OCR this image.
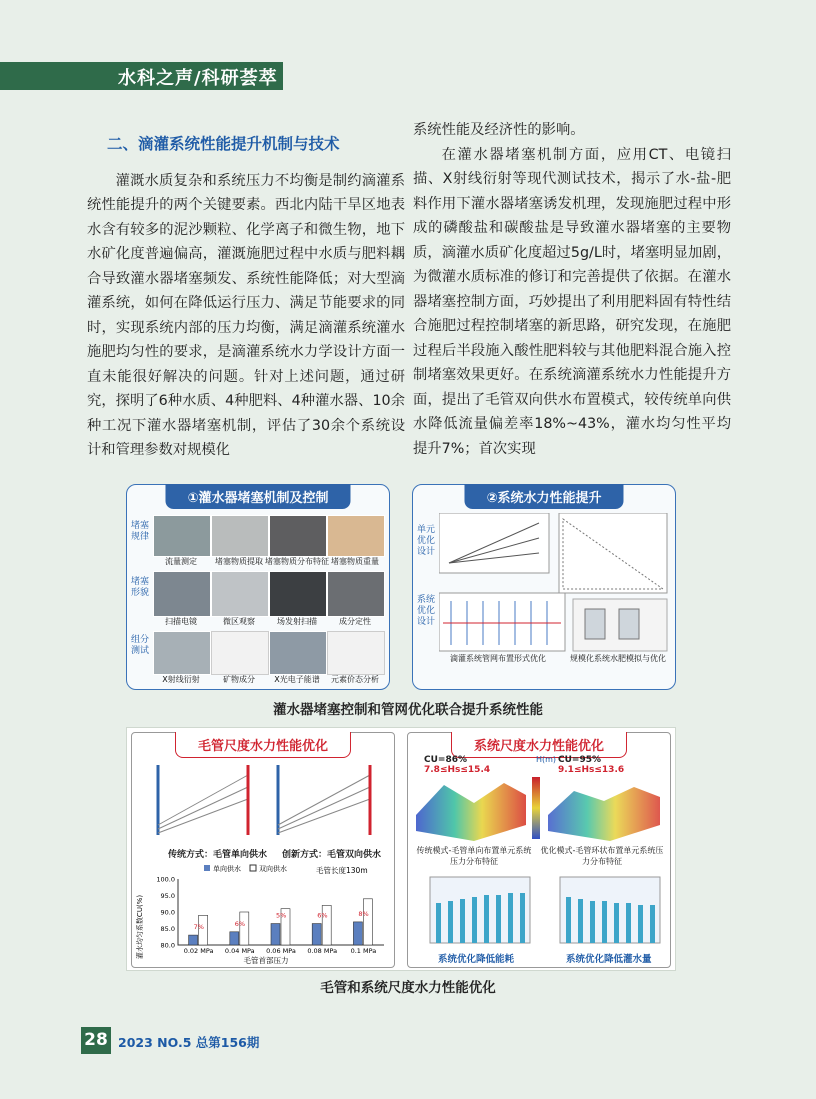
水科之声/科研荟萃
二、滴灌系统性能提升机制与技术

灌溉水质复杂和系统压力不均衡是制约滴灌系统性能提升的两个关键要素。西北内陆干旱区地表水含有较多的泥沙颗粒、化学离子和微生物，地下水矿化度普遍偏高，灌溉施肥过程中水质与肥料耦合导致灌水器堵塞频发、系统性能降低；对大型滴灌系统，如何在降低运行压力、满足节能要求的同时，实现系统内部的压力均衡，满足滴灌系统灌水施肥均匀性的要求，是滴灌系统水力学设计方面一直未能很好解决的问题。针对上述问题，通过研究，探明了6种水质、4种肥料、4种灌水器、10余种工况下灌水器堵塞机制，评估了30余个系统设计和管理参数对规模化

系统性能及经济性的影响。

在灌水器堵塞机制方面，应用CT、电镜扫描、X射线衍射等现代测试技术，揭示了水-盐-肥料作用下灌水器堵塞诱发机理，发现施肥过程中形成的磷酸盐和碳酸盐是导致灌水器堵塞的主要物质，滴灌水质矿化度超过5g/L时，堵塞明显加剧，为微灌水质标准的修订和完善提供了依据。在灌水器堵塞控制方面，巧妙提出了利用肥料固有特性结合施肥过程控制堵塞的新思路，研究发现，在施肥过程后半段施入酸性肥料较与其他肥料混合施入控制堵塞效果更好。在系统滴灌系统水力性能提升方面，提出了毛管双向供水布置模式，较传统单向供水降低流量偏差率18%~43%，灌水均匀性平均提升7%；首次实现

①灌水器堵塞机制及控制
堵塞规律
堵塞形貌
组分测试
流量测定	堵塞物质提取 堵塞物质分布特征 堵塞物质重量
扫描电镜	微区观察	场发射扫描	成分定性
X射线衍射	矿物成分	X光电子能谱	元素价态分析
②系统水力性能提升
单元优化设计
系统优化设计
滴灌系统管网布置形式优化	规模化系统水肥模拟与优化
灌水器堵塞控制和管网优化联合提升系统性能
毛管尺度水力性能优化
传统方式：毛管单向供水 创新方式：毛管双向供水
灌水均匀系数CU(%)
毛管长度130m
毛管首部压力
单向供水	双向供水
80.0
85.0
90.0
95.0
100.0
7%
0.02 MPa
6%
0.04 MPa
5%
0.06 MPa
6%
0.08 MPa
8%
0.1 MPa
系统尺度水力性能优化
CU=86%
7.8≤Hs≤15.4
CU=95%
9.1≤Hs≤13.6
H(m)
传统模式-毛管单向布置单元系统压力分布特征
优化模式-毛管环状布置单元系统压力分布特征
系统优化降低能耗	系统优化降低灌水量
毛管和系统尺度水力性能优化
28 2023 NO.5 总第156期
